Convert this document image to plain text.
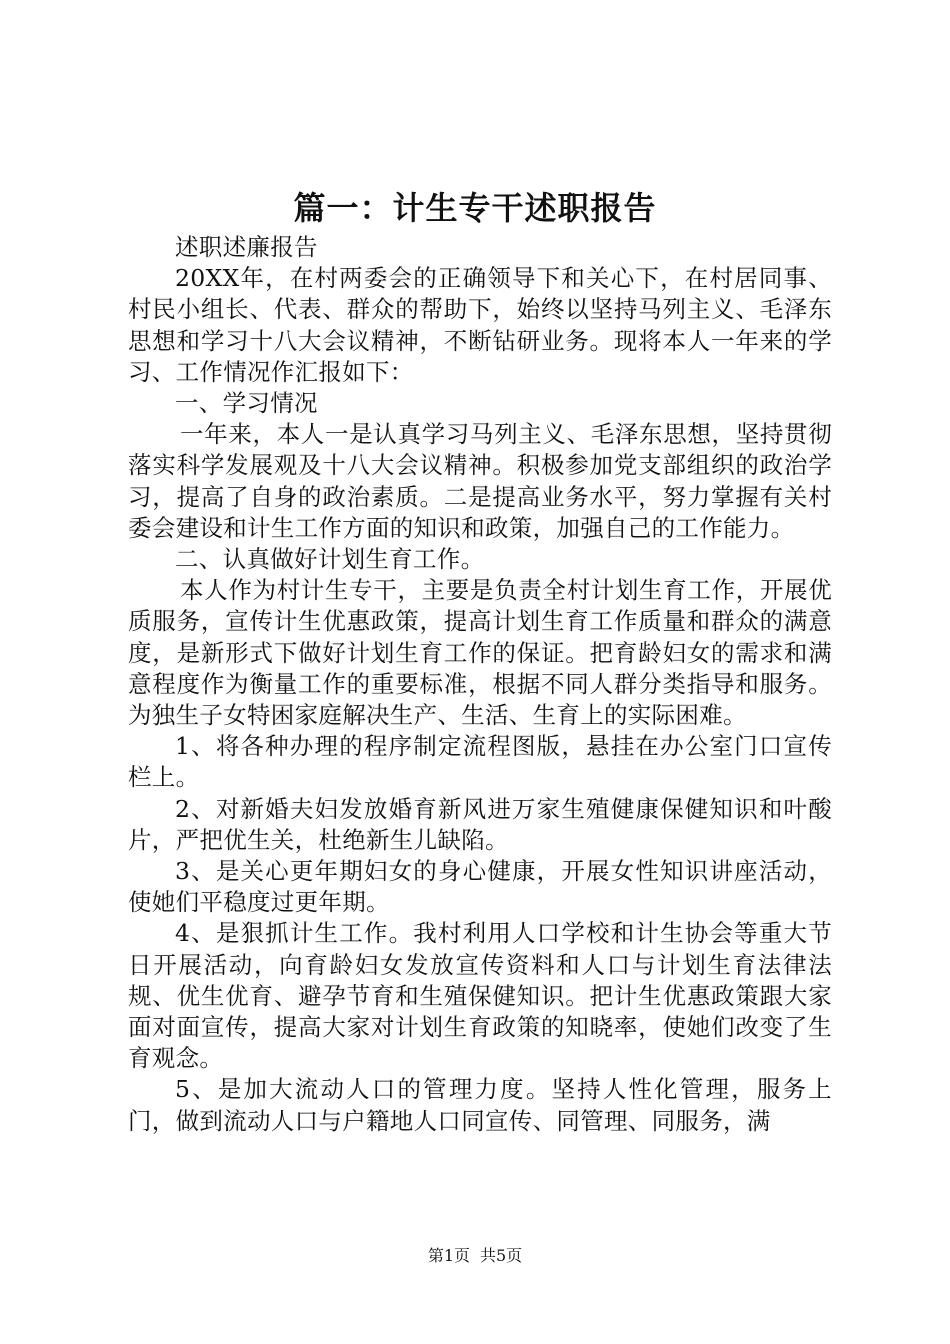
篇一：计生专干述职报告

述职述廉报告

20XX年，在村两委会的正确领导下和关心下，在村居同事、村民小组长、代表、群众的帮助下，始终以坚持马列主义、毛泽东思想和学习十八大会议精神，不断钻研业务。现将本人一年来的学习、工作情况作汇报如下：

一、学习情况

一年来，本人一是认真学习马列主义、毛泽东思想，坚持贯彻落实科学发展观及十八大会议精神。积极参加党支部组织的政治学习，提高了自身的政治素质。二是提高业务水平，努力掌握有关村委会建设和计生工作方面的知识和政策，加强自己的工作能力。

二、认真做好计划生育工作。

本人作为村计生专干，主要是负责全村计划生育工作，开展优质服务，宣传计生优惠政策，提高计划生育工作质量和群众的满意度，是新形式下做好计划生育工作的保证。把育龄妇女的需求和满意程度作为衡量工作的重要标准，根据不同人群分类指导和服务。为独生子女特困家庭解决生产、生活、生育上的实际困难。

1、将各种办理的程序制定流程图版，悬挂在办公室门口宣传栏上。

2、对新婚夫妇发放婚育新风进万家生殖健康保健知识和叶酸片，严把优生关，杜绝新生儿缺陷。

3、是关心更年期妇女的身心健康，开展女性知识讲座活动，使她们平稳度过更年期。

4、是狠抓计生工作。我村利用人口学校和计生协会等重大节日开展活动，向育龄妇女发放宣传资料和人口与计划生育法律法规、优生优育、避孕节育和生殖保健知识。把计生优惠政策跟大家面对面宣传，提高大家对计划生育政策的知晓率，使她们改变了生育观念。

5、是加大流动人口的管理力度。坚持人性化管理，服务上门，做到流动人口与户籍地人口同宣传、同管理、同服务，满

第1页 共5页
